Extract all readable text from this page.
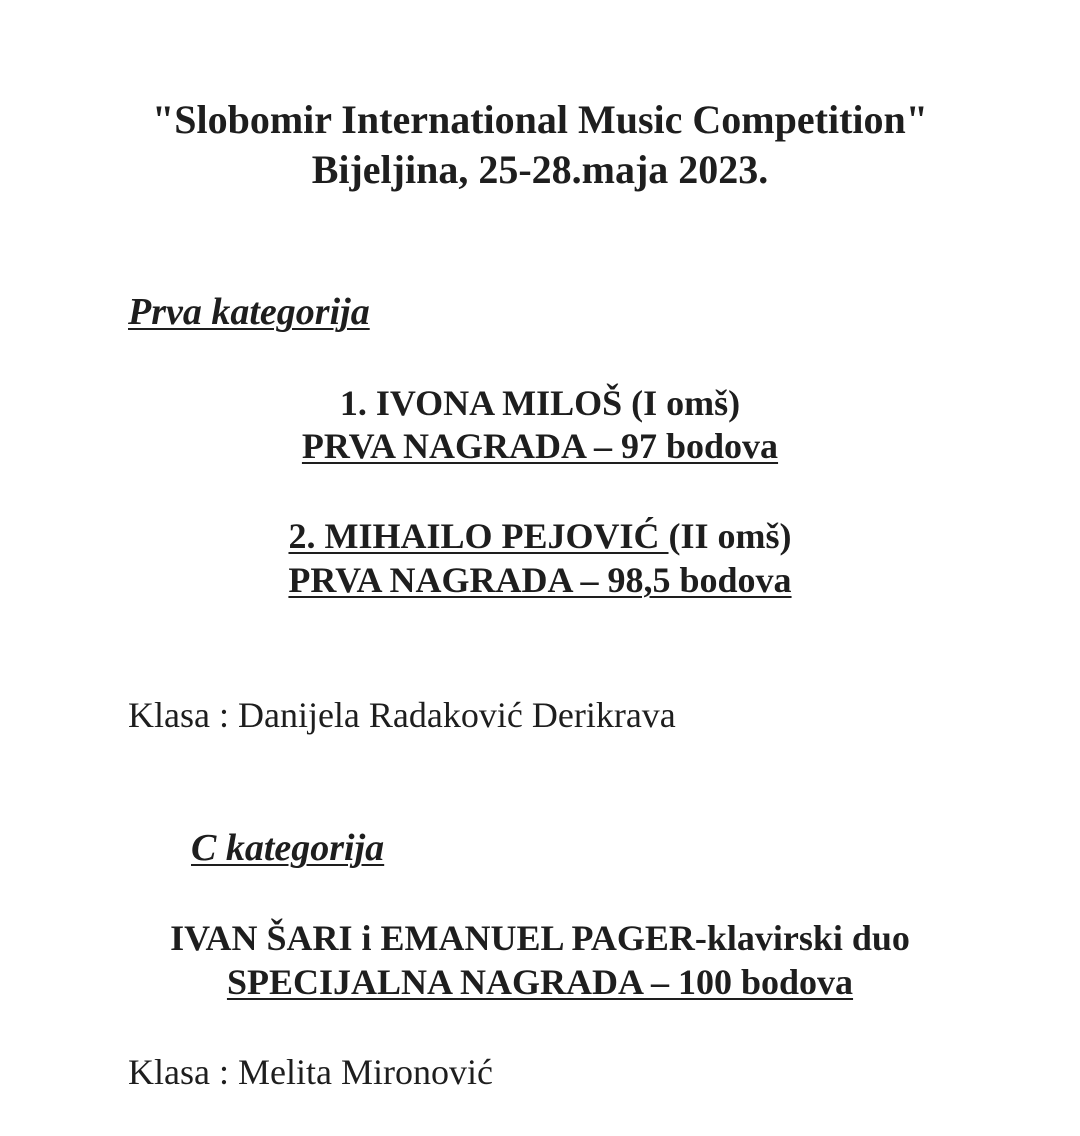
"Slobomir International Music Competition"
Bijeljina, 25-28.maja 2023.
Prva kategorija
1. IVONA MILOŠ (I omš)
PRVA NAGRADA – 97 bodova
2. MIHAILO PEJOVIĆ (II omš)
PRVA NAGRADA – 98,5 bodova
Klasa : Danijela Radaković Derikrava
C kategorija
IVAN ŠARI i EMANUEL PAGER-klavirski duo
SPECIJALNA NAGRADA – 100 bodova
Klasa : Melita Mironović
